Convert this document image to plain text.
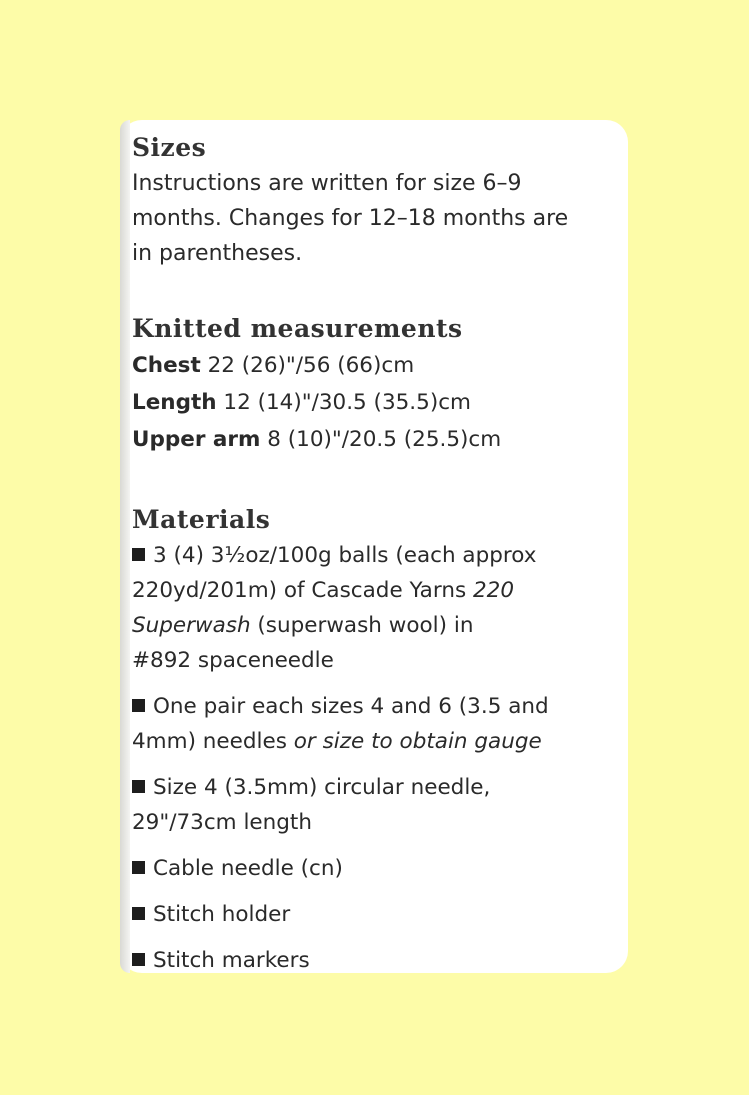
Sizes

Instructions are written for size 6–9

months. Changes for 12–18 months are

in parentheses.

Knitted measurements

Chest 22 (26)"/56 (66)cm

Length 12 (14)"/30.5 (35.5)cm

Upper arm 8 (10)"/20.5 (25.5)cm

Materials
3 (4) 3½oz/100g balls (each approx
220yd/201m) of Cascade Yarns 220
Superwash (superwash wool) in
#892 spaceneedle
One pair each sizes 4 and 6 (3.5 and
4mm) needles or size to obtain gauge
Size 4 (3.5mm) circular needle,
29"/73cm length
Cable needle (cn)
Stitch holder
Stitch markers
